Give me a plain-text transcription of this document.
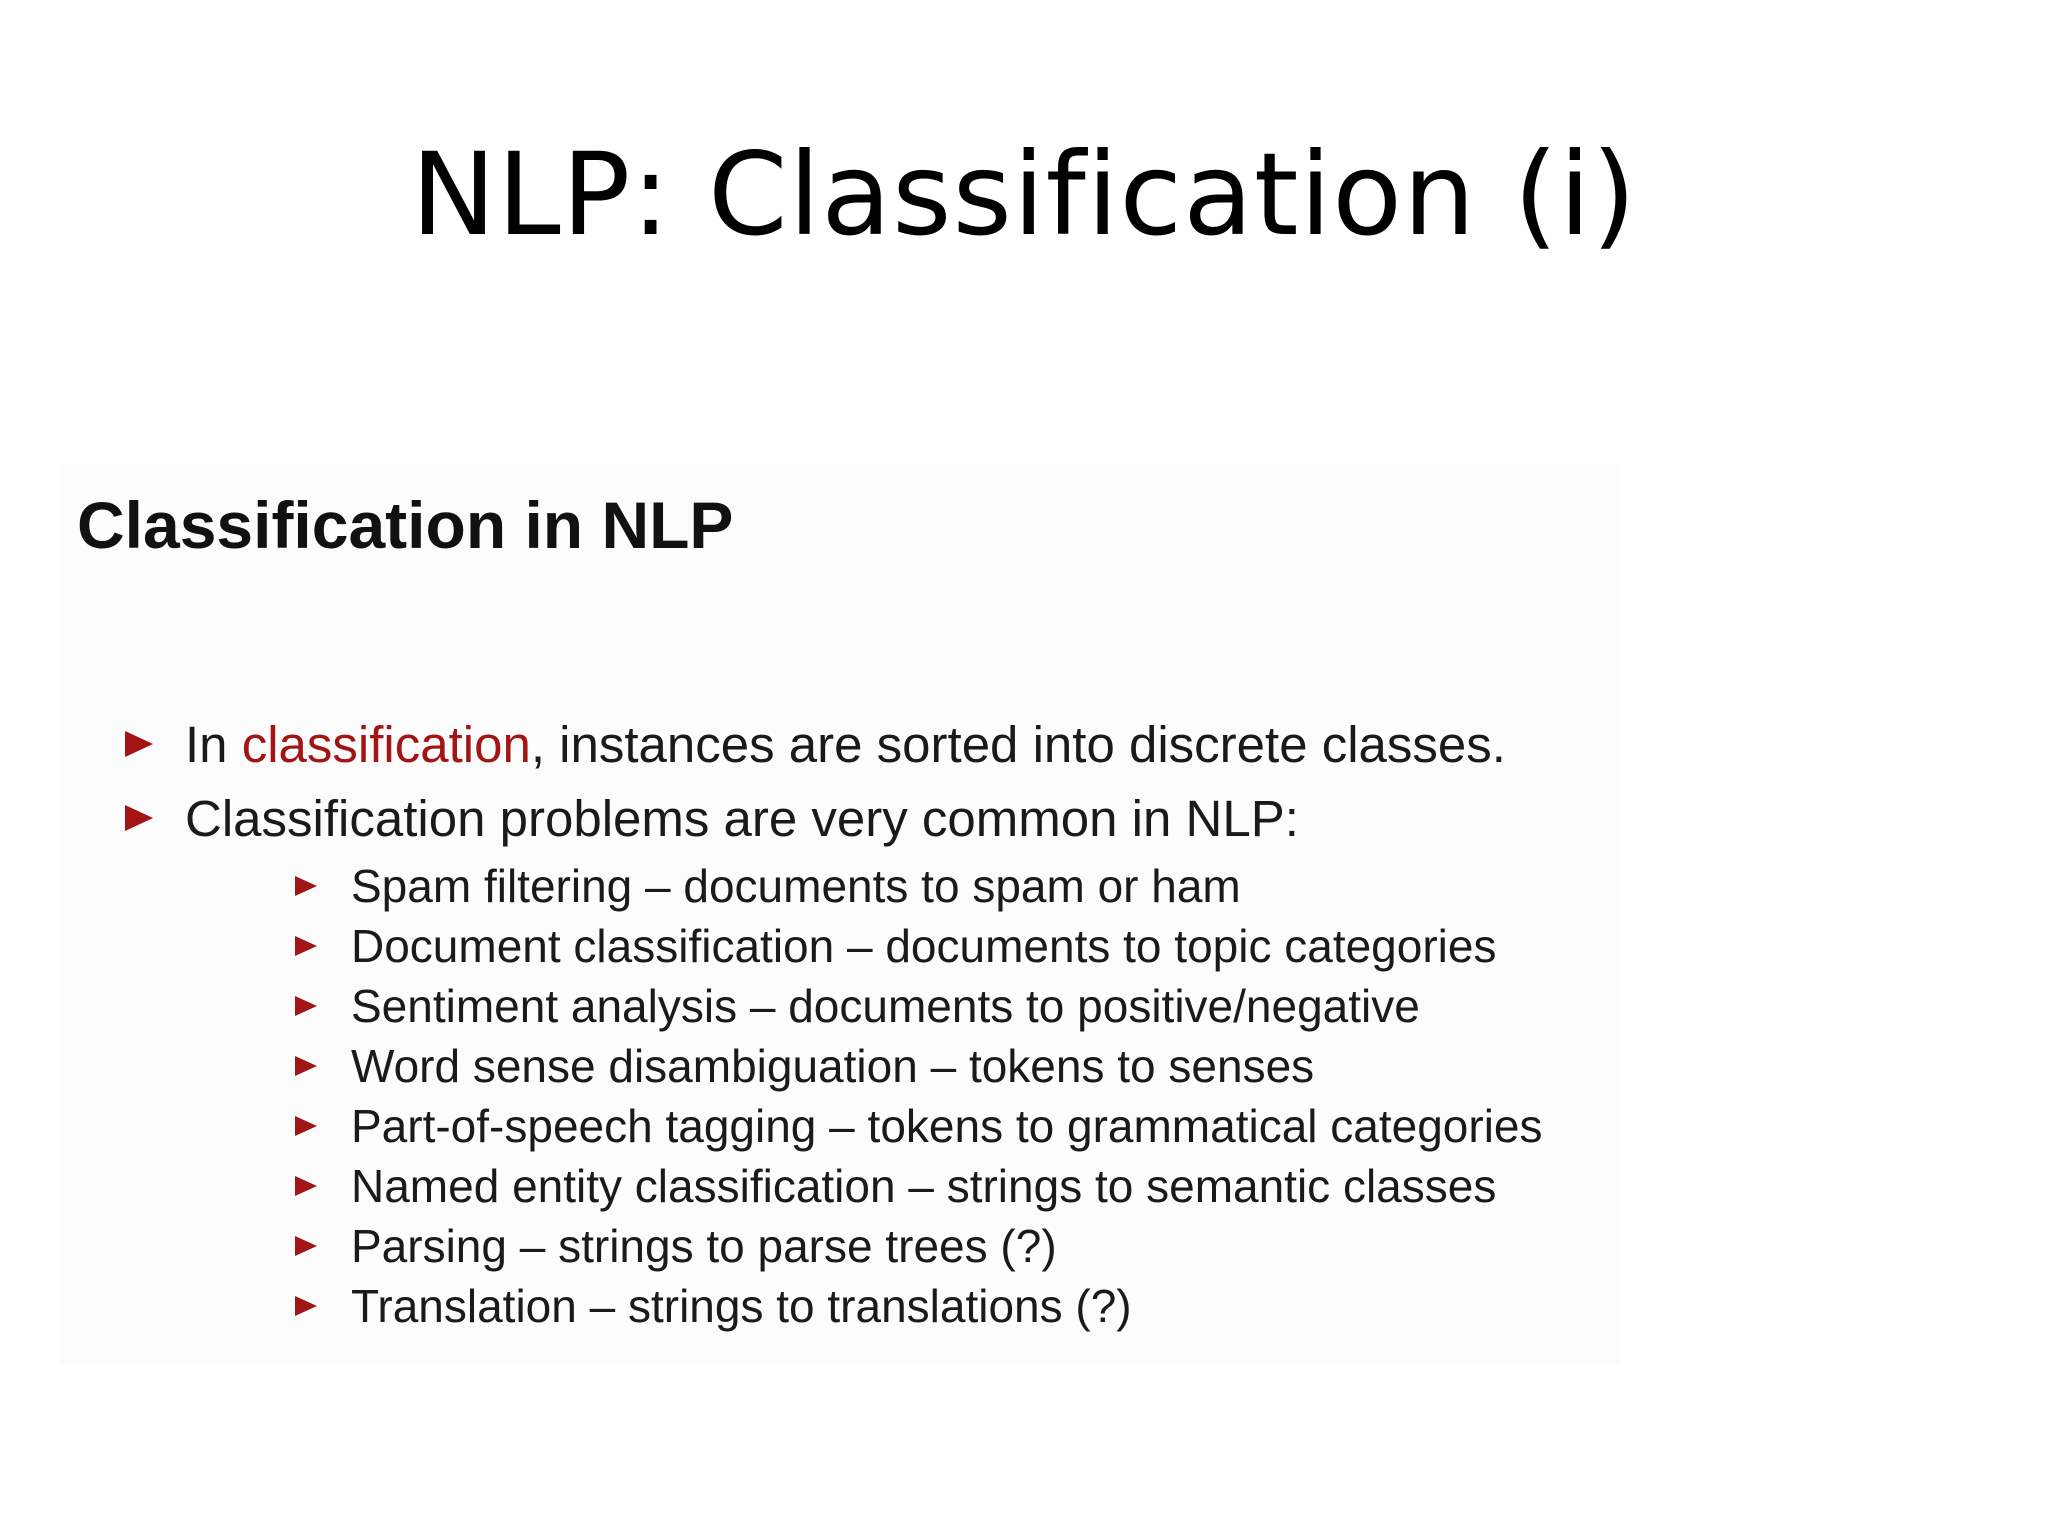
NLP: Classification (i)
Classification in NLP
In classification, instances are sorted into discrete classes.
Classification problems are very common in NLP:
Spam filtering – documents to spam or ham
Document classification – documents to topic categories
Sentiment analysis – documents to positive/negative
Word sense disambiguation – tokens to senses
Part-of-speech tagging – tokens to grammatical categories
Named entity classification – strings to semantic classes
Parsing – strings to parse trees (?)
Translation – strings to translations (?)
